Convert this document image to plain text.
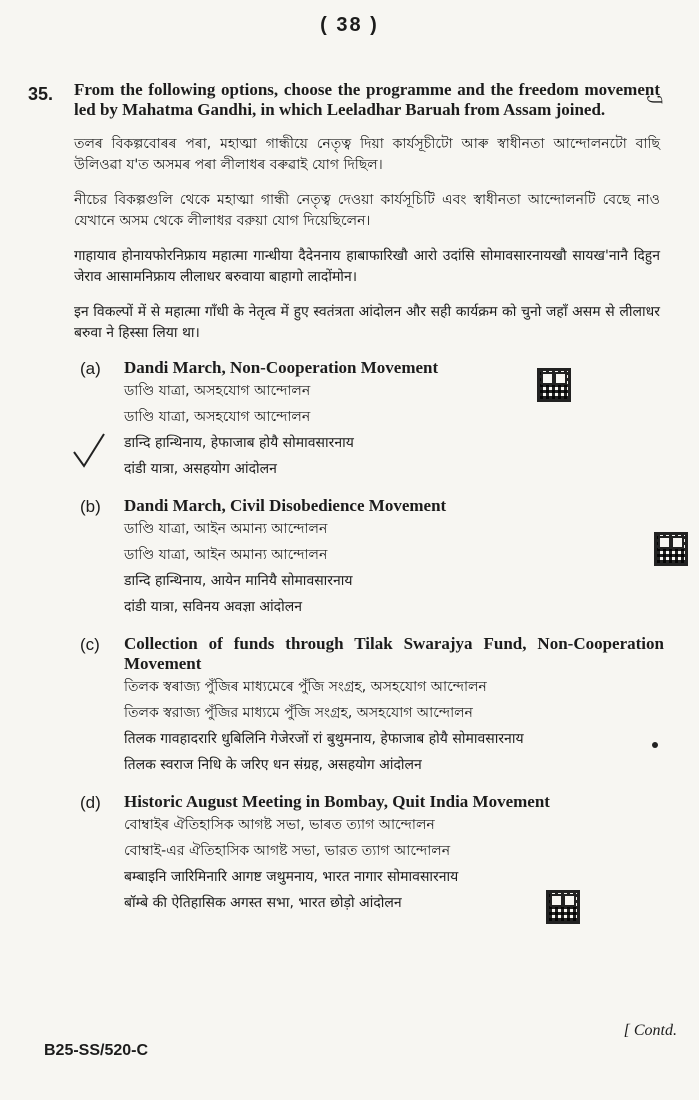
( 38 )
ℐ
35. From the following options, choose the programme and the freedom movement led by Mahatma Gandhi, in which Leeladhar Baruah from Assam joined.

তলৰ বিকল্পবোৰৰ পৰা, মহাত্মা গান্ধীয়ে নেতৃত্ব দিয়া কাৰ্যসূচীটো আৰু স্বাধীনতা আন্দোলনটো বাছি উলিওৱা য'ত অসমৰ পৰা লীলাধৰ বৰুৱাই যোগ দিছিল।

নীচের বিকল্পগুলি থেকে মহাত্মা গান্ধী নেতৃত্ব দেওয়া কার্যসূচিটি এবং স্বাধীনতা আন্দোলনটি বেছে নাও যেখানে অসম থেকে লীলাধর বরুয়া যোগ দিয়েছিলেন।

गाहायाव होनायफोरनिफ्राय महात्मा गान्धीया दैदेननाय हाबाफारिखौ आरो उदांसि सोमावसारनायखौ सायख'नानै दिहुन जेराव आसामनिफ्राय लीलाधर बरुवाया बाहागो लादोंमोन।

इन विकल्पों में से महात्मा गाँधी के नेतृत्व में हुए स्वतंत्रता आंदोलन और सही कार्यक्रम को चुनो जहाँ असम से लीलाधर बरुवा ने हिस्सा लिया था।

(a) Dandi March, Non-Cooperation Movement
ডাণ্ডি যাত্ৰা, অসহযোগ আন্দোলন
ডাণ্ডি যাত্রা, অসহযোগ আন্দোলন
डान्दि हान्थिनाय, हेफाजाब होयै सोमावसारनाय
दांडी यात्रा, असहयोग आंदोलन
(b) Dandi March, Civil Disobedience Movement
ডাণ্ডি যাত্ৰা, আইন অমান্য আন্দোলন
ডাণ্ডি যাত্রা, আইন অমান্য আন্দোলন
डान्दि हान्थिनाय, आयेन मानियै सोमावसारनाय
दांडी यात्रा, सविनय अवज्ञा आंदोलन
(c) Collection of funds through Tilak Swarajya Fund, Non-Cooperation Movement
তিলক স্বৰাজ্য পুঁজিৰ মাধ্যমেৰে পুঁজি সংগ্ৰহ, অসহযোগ আন্দোলন
তিলক স্বরাজ্য পুঁজির মাধ্যমে পুঁজি সংগ্রহ, অসহযোগ আন্দোলন
तिलक गावहादरारि धुबिलिनि गेजेरजों रां बुथुमनाय, हेफाजाब होयै सोमावसारनाय
तिलक स्वराज निधि के जरिए धन संग्रह, असहयोग आंदोलन
(d) Historic August Meeting in Bombay, Quit India Movement
বোম্বাইৰ ঐতিহাসিক আগষ্ট সভা, ভাৰত ত্যাগ আন্দোলন
বোম্বাই-এর ঐতিহাসিক আগষ্ট সভা, ভারত ত্যাগ আন্দোলন
बम्बाइनि जारिमिनारि आगष्ट जथुमनाय, भारत नागार सोमावसारनाय
बॉम्बे की ऐतिहासिक अगस्त सभा, भारत छोड़ो आंदोलन
[ Contd.
B25-SS/520-C
